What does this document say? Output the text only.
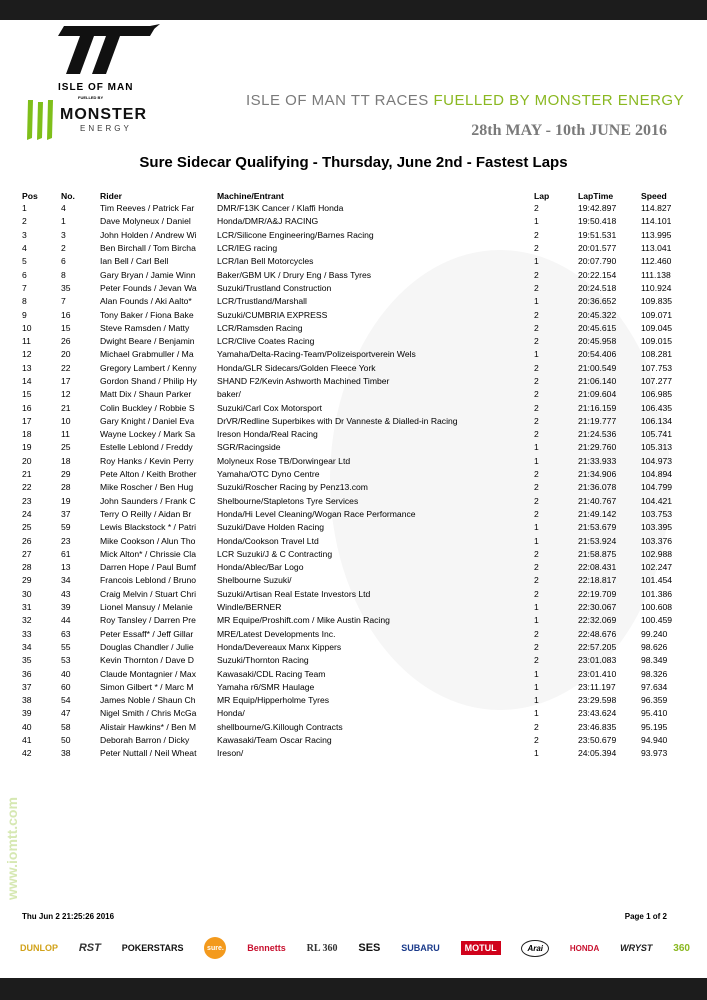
ISLE OF MAN
FUELLED BY
MONSTER
ENERGY
ISLE OF MAN TT RACES FUELLED BY MONSTER ENERGY
28th MAY - 10th JUNE 2016
Sure Sidecar Qualifying - Thursday, June 2nd - Fastest Laps
Pos	No.	Rider	Machine/Entrant	Lap	LapTime	Speed
1	4	Tim Reeves / Patrick Far	DMR/F13K Cancer / Klaffi Honda	2	19:42.897	114.827
2	1	Dave Molyneux / Daniel	Honda/DMR/A&J RACING	1	19:50.418	114.101
3	3	John Holden / Andrew Wi	LCR/Silicone Engineering/Barnes Racing	2	19:51.531	113.995
4	2	Ben Birchall / Tom Bircha	LCR/IEG racing	2	20:01.577	113.041
5	6	Ian Bell / Carl Bell	LCR/Ian Bell Motorcycles	1	20:07.790	112.460
6	8	Gary Bryan / Jamie Winn	Baker/GBM UK / Drury Eng / Bass Tyres	2	20:22.154	111.138
7	35	Peter Founds / Jevan Wa	Suzuki/Trustland Construction	2	20:24.518	110.924
8	7	Alan Founds / Aki Aalto*	LCR/Trustland/Marshall	1	20:36.652	109.835
9	16	Tony Baker / Fiona Bake	Suzuki/CUMBRIA EXPRESS	2	20:45.322	109.071
10	15	Steve Ramsden / Matty	LCR/Ramsden Racing	2	20:45.615	109.045
11	26	Dwight Beare / Benjamin	LCR/Clive Coates Racing	2	20:45.958	109.015
12	20	Michael Grabmuller / Ma	Yamaha/Delta-Racing-Team/Polizeisportverein Wels	1	20:54.406	108.281
13	22	Gregory Lambert / Kenny	Honda/GLR Sidecars/Golden Fleece York	2	21:00.549	107.753
14	17	Gordon Shand / Philip Hy	SHAND F2/Kevin Ashworth Machined Timber	2	21:06.140	107.277
15	12	Matt Dix / Shaun Parker	baker/	2	21:09.604	106.985
16	21	Colin Buckley / Robbie S	Suzuki/Carl Cox Motorsport	2	21:16.159	106.435
17	10	Gary Knight / Daniel Eva	DrVR/Redline Superbikes with Dr Vanneste & Dialled-in Racing	2	21:19.777	106.134
18	11	Wayne Lockey / Mark Sa	Ireson Honda/Real Racing	2	21:24.536	105.741
19	25	Estelle Leblond / Freddy	SGR/Racingside	1	21:29.760	105.313
20	18	Roy Hanks / Kevin Perry	Molyneux Rose TB/Dorwingear Ltd	1	21:33.933	104.973
21	29	Pete Alton / Keith Brother	Yamaha/OTC Dyno Centre	2	21:34.906	104.894
22	28	Mike Roscher / Ben Hug	Suzuki/Roscher Racing by Penz13.com	2	21:36.078	104.799
23	19	John Saunders / Frank C	Shelbourne/Stapletons Tyre Services	2	21:40.767	104.421
24	37	Terry O Reilly / Aidan Br	Honda/Hi Level Cleaning/Wogan Race Performance	2	21:49.142	103.753
25	59	Lewis Blackstock * / Patri	Suzuki/Dave Holden Racing	1	21:53.679	103.395
26	23	Mike Cookson / Alun Tho	Honda/Cookson Travel Ltd	1	21:53.924	103.376
27	61	Mick Alton* / Chrissie Cla	LCR Suzuki/J & C Contracting	2	21:58.875	102.988
28	13	Darren Hope / Paul Bumf	Honda/Ablec/Bar Logo	2	22:08.431	102.247
29	34	Francois Leblond / Bruno	Shelbourne Suzuki/	2	22:18.817	101.454
30	43	Craig Melvin / Stuart Chri	Suzuki/Artisan Real Estate Investors Ltd	2	22:19.709	101.386
31	39	Lionel Mansuy / Melanie	Windle/BERNER	1	22:30.067	100.608
32	44	Roy Tansley / Darren Pre	MR Equipe/Proshift.com / Mike Austin Racing	1	22:32.069	100.459
33	63	Peter Essaff* / Jeff Gillar	MRE/Latest Developments Inc.	2	22:48.676	99.240
34	55	Douglas Chandler / Julie	Honda/Devereaux Manx Kippers	2	22:57.205	98.626
35	53	Kevin Thornton / Dave D	Suzuki/Thornton Racing	2	23:01.083	98.349
36	40	Claude Montagnier / Max	Kawasaki/CDL Racing Team	1	23:01.410	98.326
37	60	Simon Gilbert * / Marc M	Yamaha r6/SMR Haulage	1	23:11.197	97.634
38	54	James Noble / Shaun Ch	MR Equip/Hipperholme Tyres	1	23:29.598	96.359
39	47	Nigel Smith / Chris McGa	Honda/	1	23:43.624	95.410
40	58	Alistair Hawkins* / Ben M	shellbourne/G.Killough Contracts	2	23:46.835	95.195
41	50	Deborah Barron / Dicky	Kawasaki/Team Oscar Racing	2	23:50.679	94.940
42	38	Peter Nuttall / Neil Wheat	Ireson/	1	24:05.394	93.973
www.iomtt.com
Thu Jun 2 21:25:26 2016	Page 1 of 2
DUNLOP RST POKERSTARS	sure.	Bennetts RL 360 SES SUBARU	MOTUL	Arai	HONDA WRYST 360
